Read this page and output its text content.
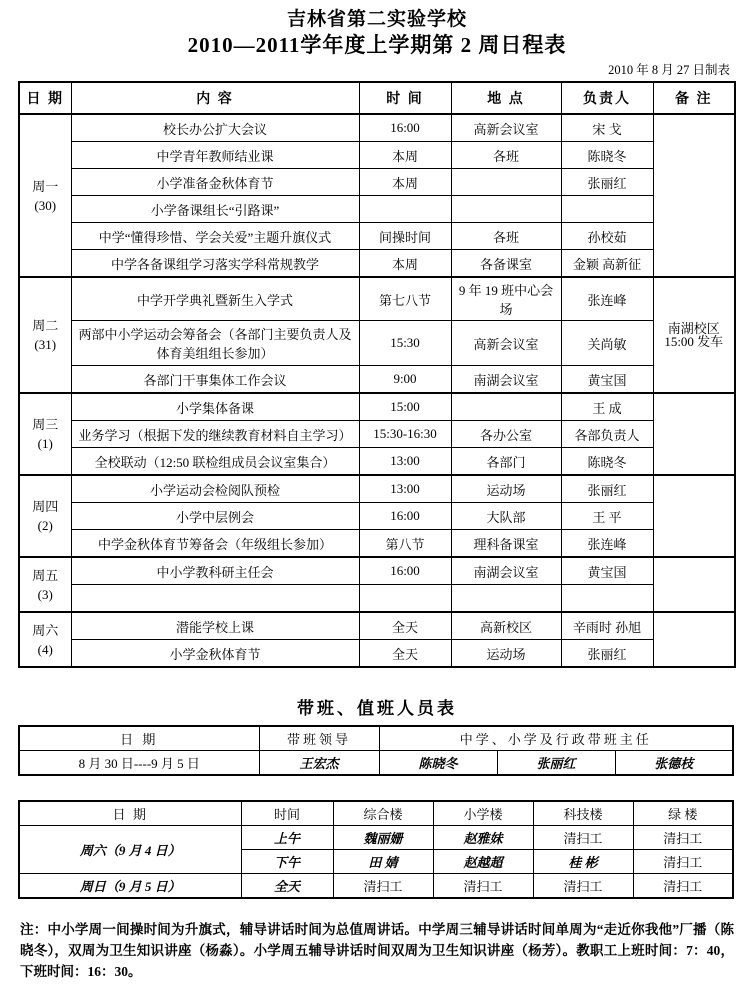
吉林省第二实验学校
2010—2011学年度上学期第 2 周日程表
2010 年 8 月 27 日制表
日 期	内 容	时 间	地 点	负责人	备 注

周一
(30)	校长办公扩大会议	16:00	高新会议室	宋 戈	
	中学青年教师结业课	本周	各班	陈晓冬	
	小学准备金秋体育节	本周		张丽红	
	小学备课组长“引路课”				
	中学“懂得珍惜、学会关爱”主题升旗仪式	间操时间	各班	孙校茹	
	中学各备课组学习落实学科常规教学	本周	各备课室	金颖 高新征	

周二
(31)	中学开学典礼暨新生入学式	第七八节	9 年 19 班中心会场	张连峰	南湖校区 15:00 发车
	两部中小学运动会筹备会（各部门主要负责人及体育美组组长参加）	15:30	高新会议室	关尚敏	
	各部门干事集体工作会议	9:00	南湖会议室	黄宝国	

周三
(1)	小学集体备课	15:00		王 成	
	业务学习（根据下发的继续教育材料自主学习）	15:30-16:30	各办公室	各部负责人	
	全校联动（12:50 联检组成员会议室集合）	13:00	各部门	陈晓冬	

周四
(2)	小学运动会检阅队预检	13:00	运动场	张丽红	
	小学中层例会	16:00	大队部	王 平	
	中学金秋体育节筹备会（年级组长参加）	第八节	理科备课室	张连峰	

周五
(3)	中小学教科研主任会	16:00	南湖会议室	黄宝国	

周六
(4)	潜能学校上课	全天	高新校区	辛雨时 孙旭	
	小学金秋体育节	全天	运动场	张丽红	
带班、值班人员表
日 期	带班领导	中学、小学及行政带班主任		
8 月 30 日----9 月 5 日	王宏杰	陈晓冬	张丽红	张德枝
日 期	时间	综合楼	小学楼	科技楼	绿 楼
周六（9 月 4 日）	上午	魏丽姗	赵雅妹	清扫工	清扫工
	下午	田 婧	赵越超	桂 彬	清扫工
周日（9 月 5 日）	全天	清扫工	清扫工	清扫工	清扫工
注：中小学周一间操时间为升旗式，辅导讲话时间为总值周讲话。中学周三辅导讲话时间单周为“走近你我他”厂播（陈晓冬），双周为卫生知识讲座（杨淼）。小学周五辅导讲话时间双周为卫生知识讲座（杨芳）。教职工上班时间：7：40，下班时间：16：30。
